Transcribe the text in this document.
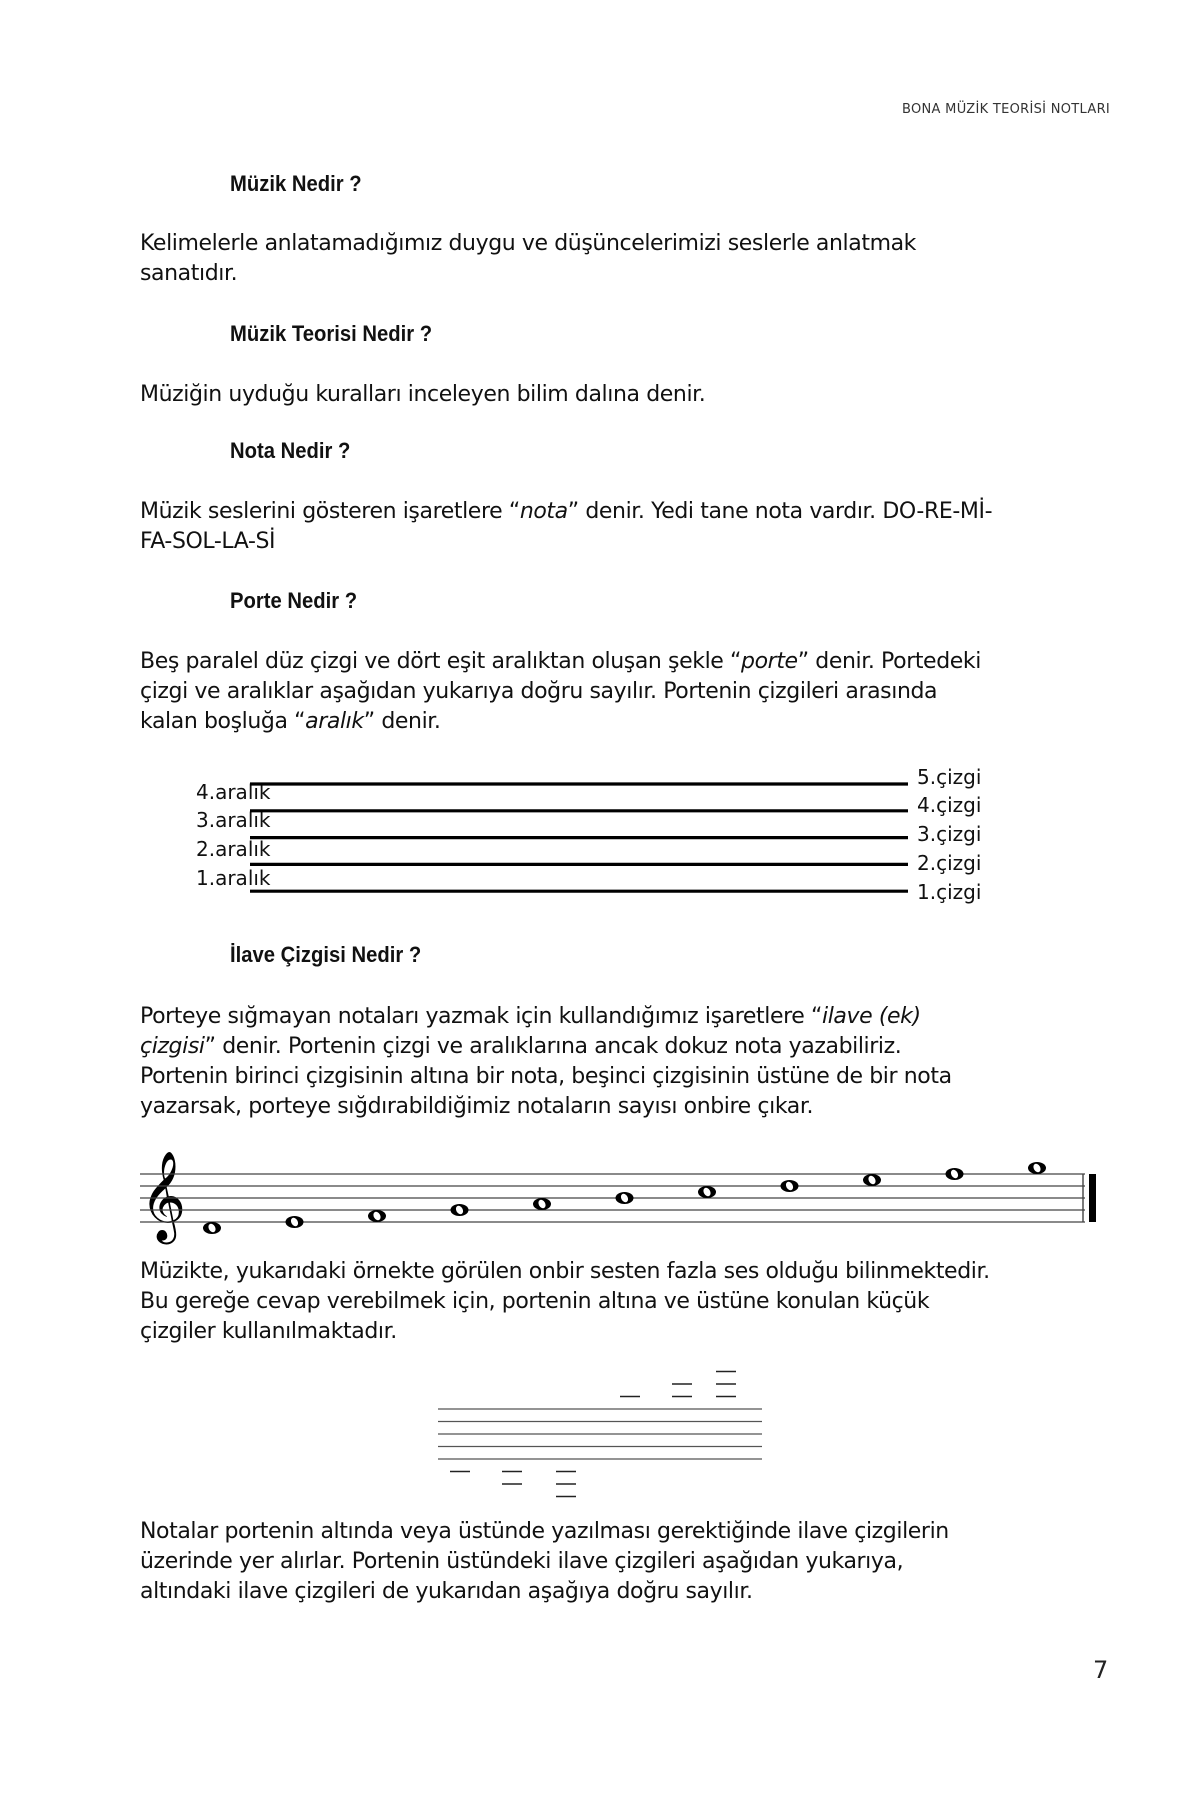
BONA MÜZİK TEORİSİ NOTLARI
Müzik Nedir ?
Kelimelerle anlatamadığımız duygu ve düşüncelerimizi seslerle anlatmak
sanatıdır.
Müzik Teorisi Nedir ?
Müziğin uyduğu kuralları inceleyen bilim dalına denir.
Nota Nedir ?
Müzik seslerini gösteren işaretlere “nota” denir. Yedi tane nota vardır. DO-RE-Mİ-
FA-SOL-LA-Sİ
Porte Nedir ?
Beş paralel düz çizgi ve dört eşit aralıktan oluşan şekle “porte” denir. Portedeki
çizgi ve aralıklar aşağıdan yukarıya doğru sayılır. Portenin çizgileri arasında
kalan boşluğa “aralık” denir.
4.aralık
3.aralık
2.aralık
1.aralık
5.çizgi
4.çizgi
3.çizgi
2.çizgi
1.çizgi
İlave Çizgisi Nedir ?
Porteye sığmayan notaları yazmak için kullandığımız işaretlere “ilave (ek)
çizgisi” denir. Portenin çizgi ve aralıklarına ancak dokuz nota yazabiliriz.
Portenin birinci çizgisinin altına bir nota, beşinci çizgisinin üstüne de bir nota
yazarsak, porteye sığdırabildiğimiz notaların sayısı onbire çıkar.
Müzikte, yukarıdaki örnekte görülen onbir sesten fazla ses olduğu bilinmektedir.
Bu gereğe cevap verebilmek için, portenin altına ve üstüne konulan küçük
çizgiler kullanılmaktadır.
Notalar portenin altında veya üstünde yazılması gerektiğinde ilave çizgilerin
üzerinde yer alırlar. Portenin üstündeki ilave çizgileri aşağıdan yukarıya,
altındaki ilave çizgileri de yukarıdan aşağıya doğru sayılır.
7
𝄞
